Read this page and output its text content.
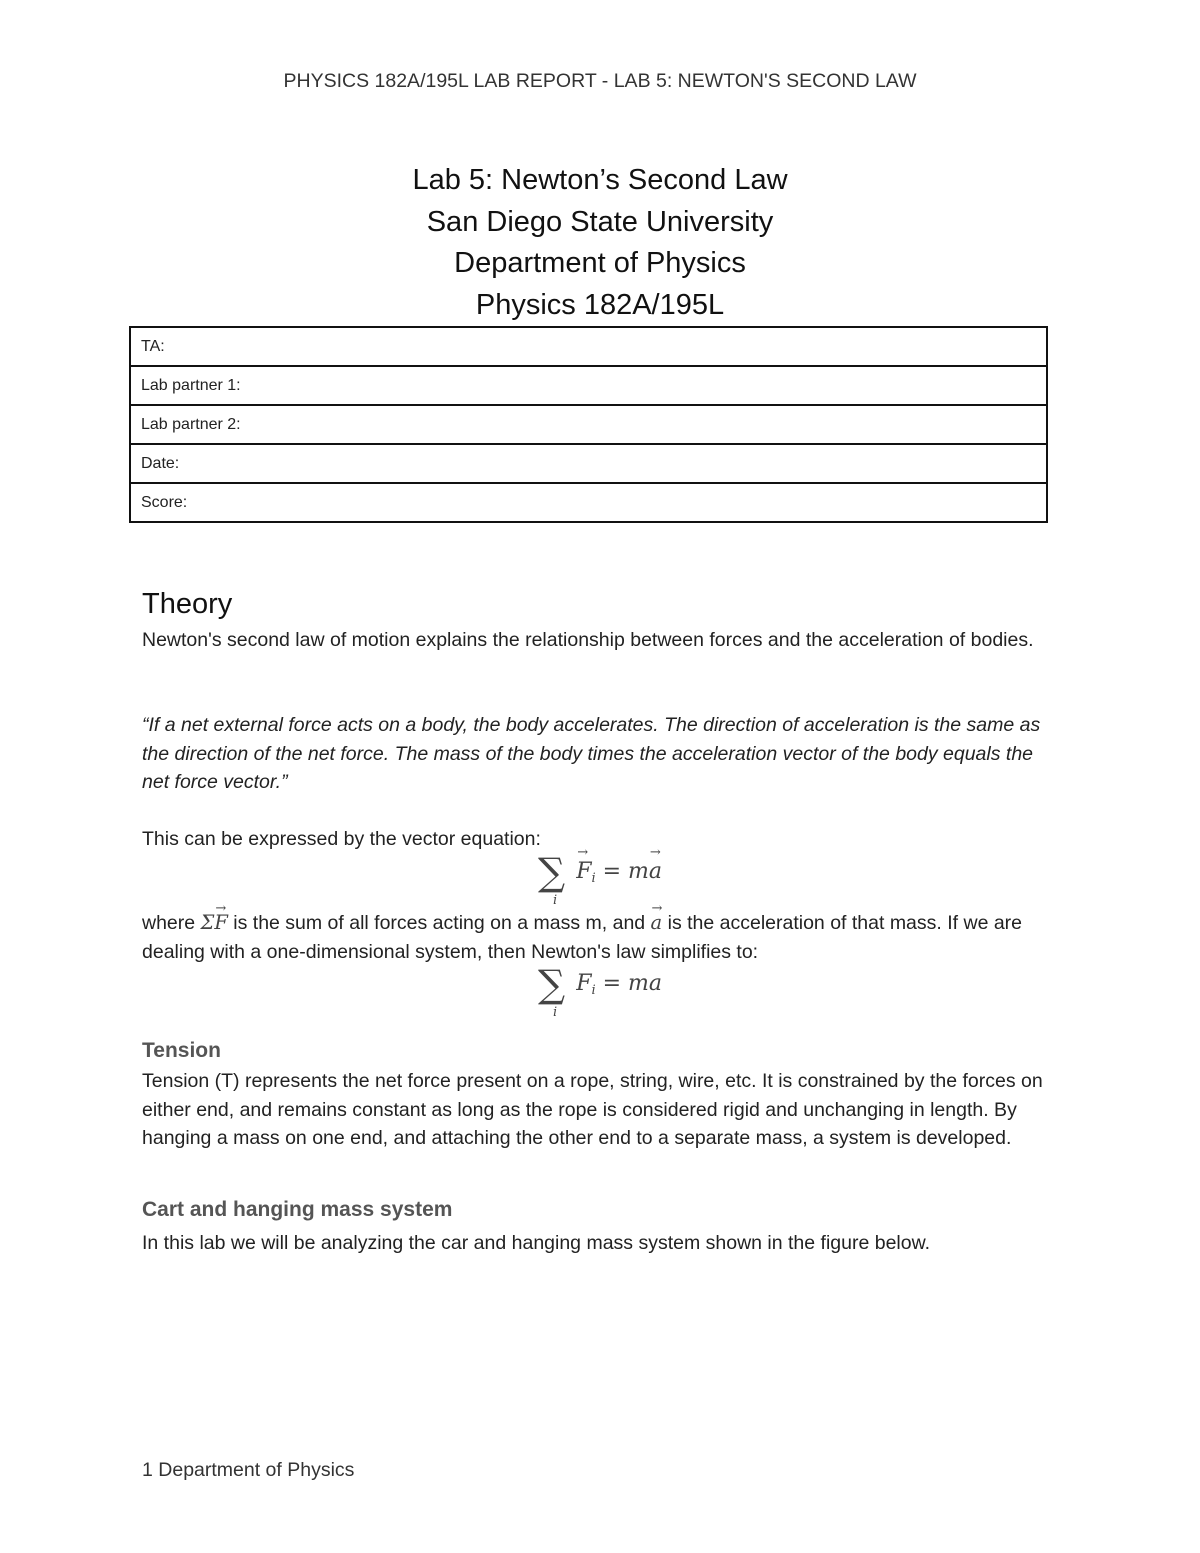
PHYSICS 182A/195L LAB REPORT - LAB 5: NEWTON'S SECOND LAW
Lab 5: Newton’s Second Law
San Diego State University
Department of Physics
Physics 182A/195L
TA:
Lab partner 1:
Lab partner 2:
Date:
Score:
Theory

Newton's second law of motion explains the relationship between forces and the acceleration of bodies.

“If a net external force acts on a body, the body accelerates. The direction of acceleration is the same as the direction of the net force. The mass of the body times the acceleration vector of the body equals the net force vector.”

This can be expressed by the vector equation:

∑
i
→ Fi = m→ a

where Σ→ F is the sum of all forces acting on a mass m, and → a is the acceleration of that mass. If we are dealing with a one-dimensional system, then Newton's law simplifies to:

∑
i
Fi = ma
Tension

Tension (T) represents the net force present on a rope, string, wire, etc. It is constrained by the forces on either end, and remains constant as long as the rope is considered rigid and unchanging in length. By hanging a mass on one end, and attaching the other end to a separate mass, a system is developed.

Cart and hanging mass system

In this lab we will be analyzing the car and hanging mass system shown in the figure below.

1 Department of Physics
